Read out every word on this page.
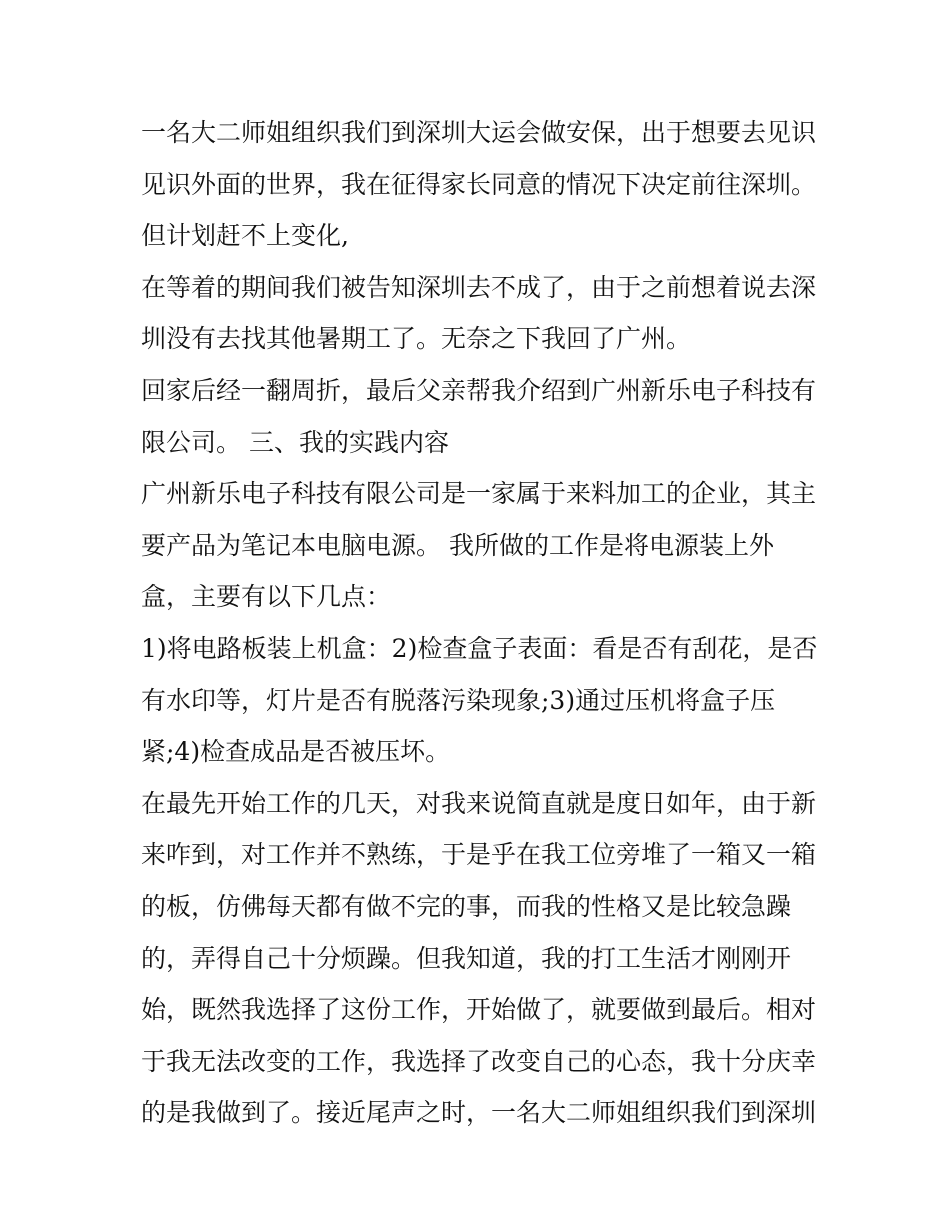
一名大二师姐组织我们到深圳大运会做安保，出于想要去见识
见识外面的世界，我在征得家长同意的情况下决定前往深圳。
但计划赶不上变化,
在等着的期间我们被告知深圳去不成了，由于之前想着说去深
圳没有去找其他暑期工了。无奈之下我回了广州。
回家后经一翻周折，最后父亲帮我介绍到广州新乐电子科技有
限公司。 三、我的实践内容
广州新乐电子科技有限公司是一家属于来料加工的企业，其主
要产品为笔记本电脑电源。 我所做的工作是将电源装上外
盒，主要有以下几点：
1)将电路板装上机盒：2)检查盒子表面：看是否有刮花，是否
有水印等，灯片是否有脱落污染现象;3)通过压机将盒子压
紧;4)检查成品是否被压坏。
在最先开始工作的几天，对我来说简直就是度日如年，由于新
来咋到，对工作并不熟练，于是乎在我工位旁堆了一箱又一箱
的板，仿佛每天都有做不完的事，而我的性格又是比较急躁
的，弄得自己十分烦躁。但我知道，我的打工生活才刚刚开
始，既然我选择了这份工作，开始做了，就要做到最后。相对
于我无法改变的工作，我选择了改变自己的心态，我十分庆幸
的是我做到了。接近尾声之时，一名大二师姐组织我们到深圳
